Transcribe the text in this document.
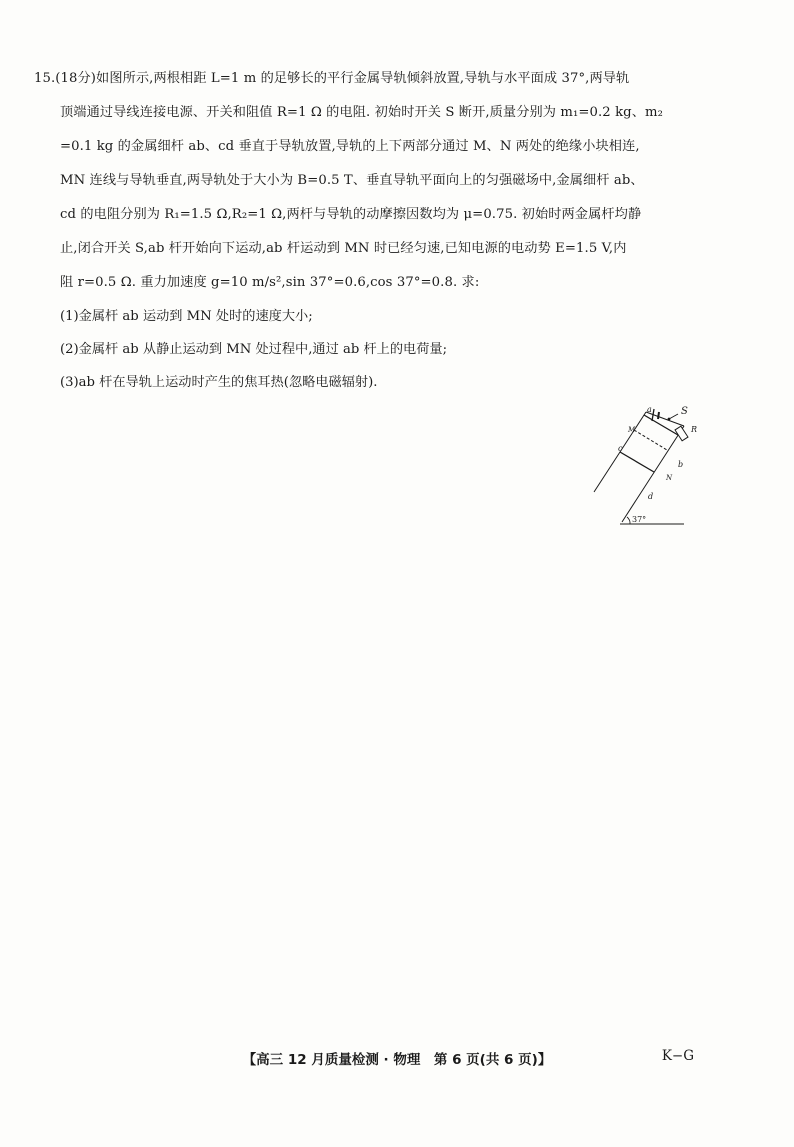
15.(18分)如图所示,两根相距 L=1 m 的足够长的平行金属导轨倾斜放置,导轨与水平面成 37°,两导轨
顶端通过导线连接电源、开关和阻值 R=1 Ω 的电阻. 初始时开关 S 断开,质量分别为 m₁=0.2 kg、m₂
=0.1 kg 的金属细杆 ab、cd 垂直于导轨放置,导轨的上下两部分通过 M、N 两处的绝缘小块相连,
MN 连线与导轨垂直,两导轨处于大小为 B=0.5 T、垂直导轨平面向上的匀强磁场中,金属细杆 ab、
cd 的电阻分别为 R₁=1.5 Ω,R₂=1 Ω,两杆与导轨的动摩擦因数均为 μ=0.75. 初始时两金属杆均静
止,闭合开关 S,ab 杆开始向下运动,ab 杆运动到 MN 时已经匀速,已知电源的电动势 E=1.5 V,内
阻 r=0.5 Ω. 重力加速度 g=10 m/s²,sin 37°=0.6,cos 37°=0.8. 求:
(1)金属杆 ab 运动到 MN 处时的速度大小;
(2)金属杆 ab 从静止运动到 MN 处过程中,通过 ab 杆上的电荷量;
(3)ab 杆在导轨上运动时产生的焦耳热(忽略电磁辐射).
a
b
c
d
M
N
S
R
37°
【高三 12 月质量检测 · 物理　第 6 页(共 6 页)】	K−G
